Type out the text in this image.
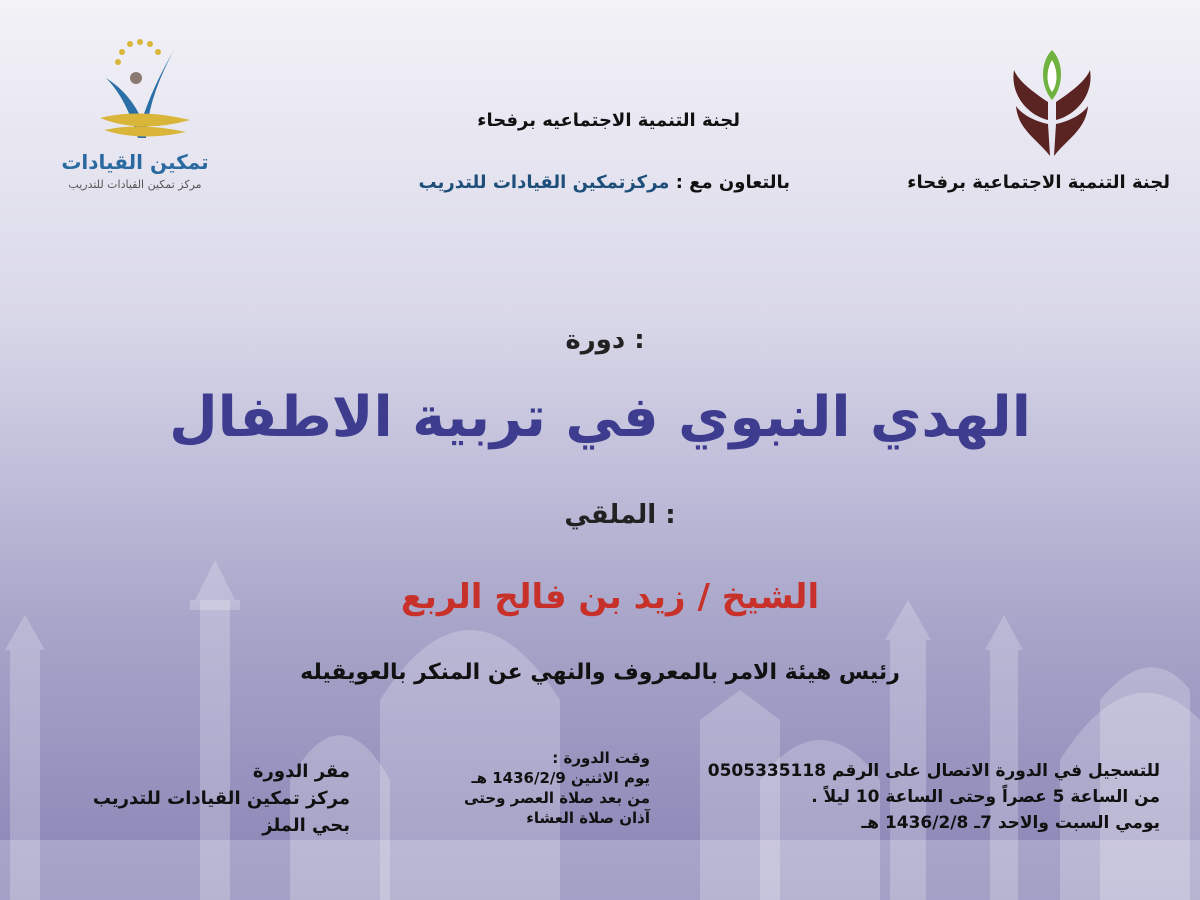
تمكين القيادات
مركز تمكين القيادات للتدريب	لجنة التنمية الاجتماعية برفحاء
لجنة التنمية الاجتماعيه برفحاء
بالتعاون مع : مركزتمكين القيادات للتدريب
دورة :
الهدي النبوي في تربية الاطفال
الملقي :
الشيخ / زيد بن فالح الربع
رئيس هيئة الامر بالمعروف والنهي عن المنكر بالعويقيله
للتسجيل في الدورة الاتصال على الرقم 0505335118
. من الساعة 5 عصراً وحتى الساعة 10 ليلاً
يومي السبت والاحد 7ـ 1436/2/8 هـ
: وقت الدورة
يوم الاثنين 1436/2/9 هـ
من بعد صلاة العصر وحتى
آذان صلاة العشاء
مقر الدورة
مركز تمكين القيادات للتدريب
بحي الملز
